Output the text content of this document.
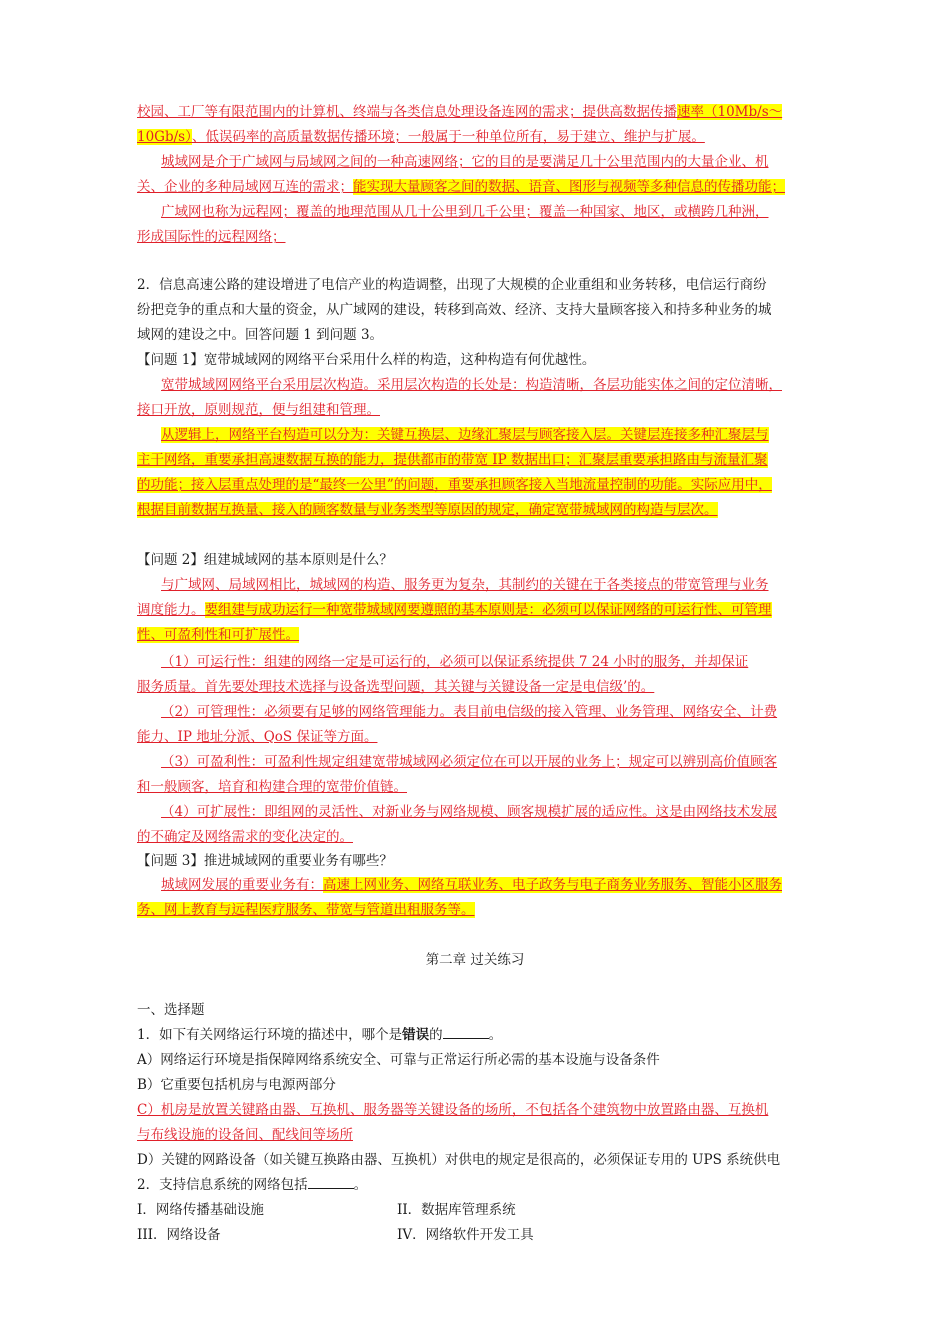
校园、工厂等有限范围内的计算机、终端与各类信息处理设备连网的需求；提供高数据传播速率（10Mb/s～
10Gb/s）、低误码率的高质量数据传播环境；一般属于一种单位所有，易于建立、维护与扩展。
城域网是介于广域网与局域网之间的一种高速网络；它的目的是要满足几十公里范围内的大量企业、机
关、企业的多种局域网互连的需求；能实现大量顾客之间的数据、语音、图形与视频等多种信息的传播功能；
广域网也称为远程网；覆盖的地理范围从几十公里到几千公里；覆盖一种国家、地区，或横跨几种洲，
形成国际性的远程网络；
2．信息高速公路的建设增进了电信产业的构造调整，出现了大规模的企业重组和业务转移，电信运行商纷
纷把竞争的重点和大量的资金，从广域网的建设，转移到高效、经济、支持大量顾客接入和持多种业务的城
域网的建设之中。回答问题 1 到问题 3。
【问题 1】宽带城域网的网络平台采用什么样的构造，这种构造有何优越性。
宽带城域网网络平台采用层次构造。采用层次构造的长处是：构造清晰，各层功能实体之间的定位清晰，
接口开放，原则规范，便与组建和管理。
从逻辑上，网络平台构造可以分为：关键互换层、边缘汇聚层与顾客接入层。关键层连接多种汇聚层与
主干网络，重要承担高速数据互换的能力，提供都市的带宽 IP 数据出口；汇聚层重要承担路由与流量汇聚
的功能；接入层重点处理的是“最终一公里”的问题，重要承担顾客接入当地流量控制的功能。实际应用中，
根据目前数据互换量、接入的顾客数量与业务类型等原因的规定，确定宽带城域网的构造与层次。
【问题 2】组建城域网的基本原则是什么？
与广域网、局域网相比，城域网的构造、服务更为复杂，其制约的关键在于各类接点的带宽管理与业务
调度能力。要组建与成功运行一种宽带城域网要遵照的基本原则是：必须可以保证网络的可运行性、可管理
性、可盈利性和可扩展性。
（1）可运行性：组建的网络一定是可运行的，必须可以保证系统提供 7 24 小时的服务，并却保证
服务质量。首先要处理技术选择与设备选型问题，其关键与关键设备一定是电信级’的。
（2）可管理性：必须要有足够的网络管理能力。表目前电信级的接入管理、业务管理、网络安全、计费
能力、IP 地址分派、QoS 保证等方面。
（3）可盈利性：可盈利性规定组建宽带城域网必须定位在可以开展的业务上；规定可以辨别高价值顾客
和一般顾客，培育和构建合理的宽带价值链。
（4）可扩展性：即组网的灵活性、对新业务与网络规模、顾客规模扩展的适应性。这是由网络技术发展
的不确定及网络需求的变化决定的。
【问题 3】推进城域网的重要业务有哪些？
城域网发展的重要业务有：高速上网业务、网络互联业务、电子政务与电子商务业务服务、智能小区服务
务、网上教育与远程医疗服务、带宽与管道出租服务等。
第二章 过关练习
一、选择题
1．如下有关网络运行环境的描述中，哪个是错误的	。
A）网络运行环境是指保障网络系统安全、可靠与正常运行所必需的基本设施与设备条件
B）它重要包括机房与电源两部分
C）机房是放置关键路由器、互换机、服务器等关键设备的场所，不包括各个建筑物中放置路由器、互换机
与布线设施的设备间、配线间等场所
D）关键的网路设备（如关键互换路由器、互换机）对供电的规定是很高的，必须保证专用的 UPS 系统供电
2．支持信息系统的网络包括	。
Ⅰ．网络传播基础设施	II．数据库管理系统
III．网络设备	IV．网络软件开发工具
